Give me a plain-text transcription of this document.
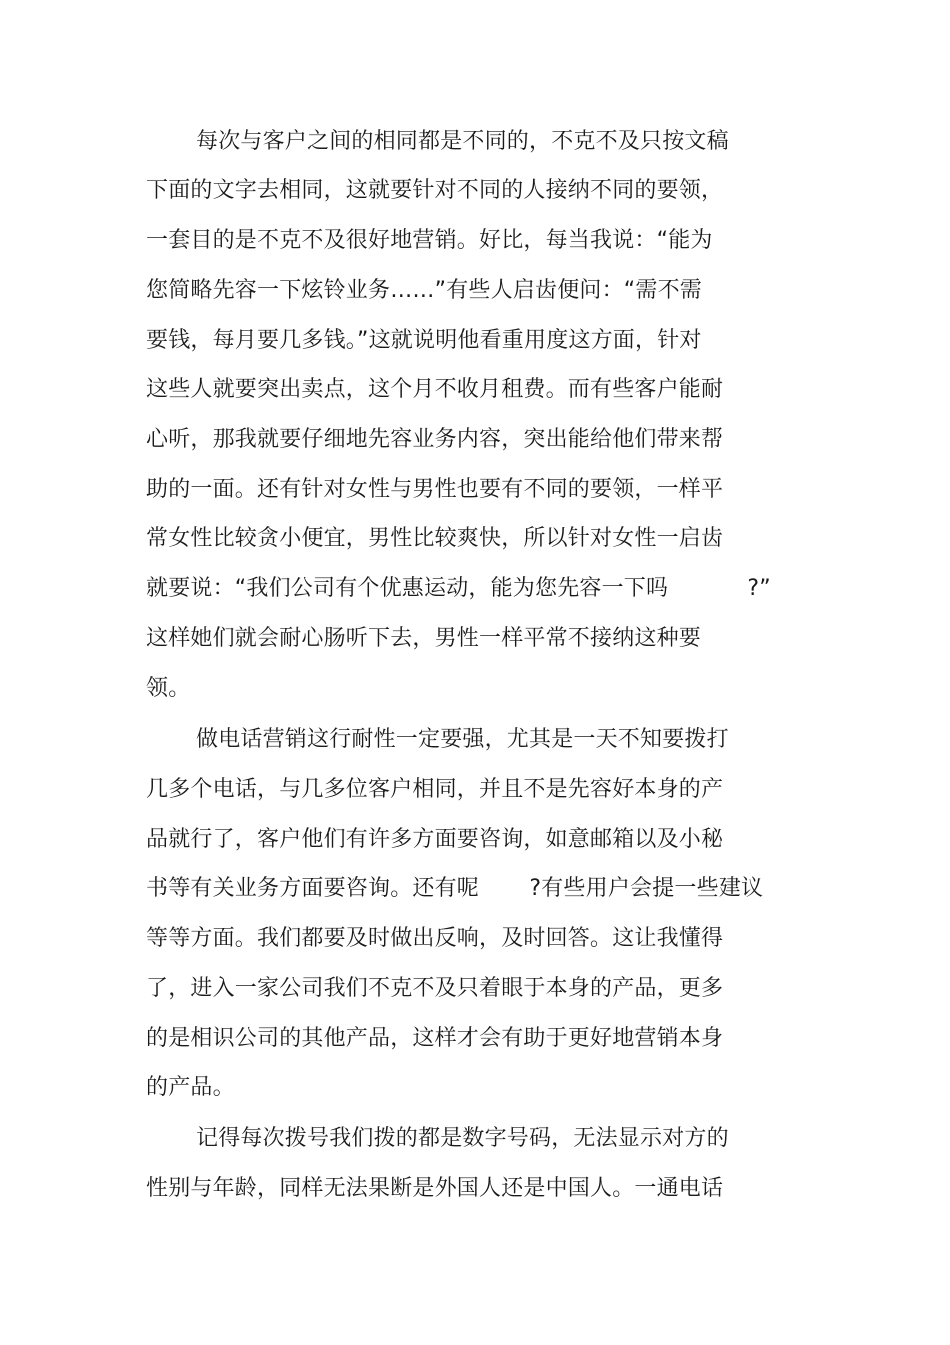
每次与客户之间的相同都是不同的，不克不及只按文稿
下面的文字去相同，这就要针对不同的人接纳不同的要领，
一套目的是不克不及很好地营销。好比，每当我说：“能为
您简略先容一下炫铃业务……”有些人启齿便问：“需不需
要钱，每月要几多钱。”这就说明他看重用度这方面，针对
这些人就要突出卖点，这个月不收月租费。而有些客户能耐
心听，那我就要仔细地先容业务内容，突出能给他们带来帮
助的一面。还有针对女性与男性也要有不同的要领，一样平
常女性比较贪小便宜，男性比较爽快，所以针对女性一启齿
就要说：“我们公司有个优惠运动，能为您先容一下吗           ?”
这样她们就会耐心肠听下去，男性一样平常不接纳这种要
领。
做电话营销这行耐性一定要强，尤其是一天不知要拨打
几多个电话，与几多位客户相同，并且不是先容好本身的产
品就行了，客户他们有许多方面要咨询，如意邮箱以及小秘
书等有关业务方面要咨询。还有呢       ?有些用户会提一些建议
等等方面。我们都要及时做出反响，及时回答。这让我懂得
了，进入一家公司我们不克不及只着眼于本身的产品，更多
的是相识公司的其他产品，这样才会有助于更好地营销本身
的产品。
记得每次拨号我们拨的都是数字号码，无法显示对方的
性别与年龄，同样无法果断是外国人还是中国人。一通电话
